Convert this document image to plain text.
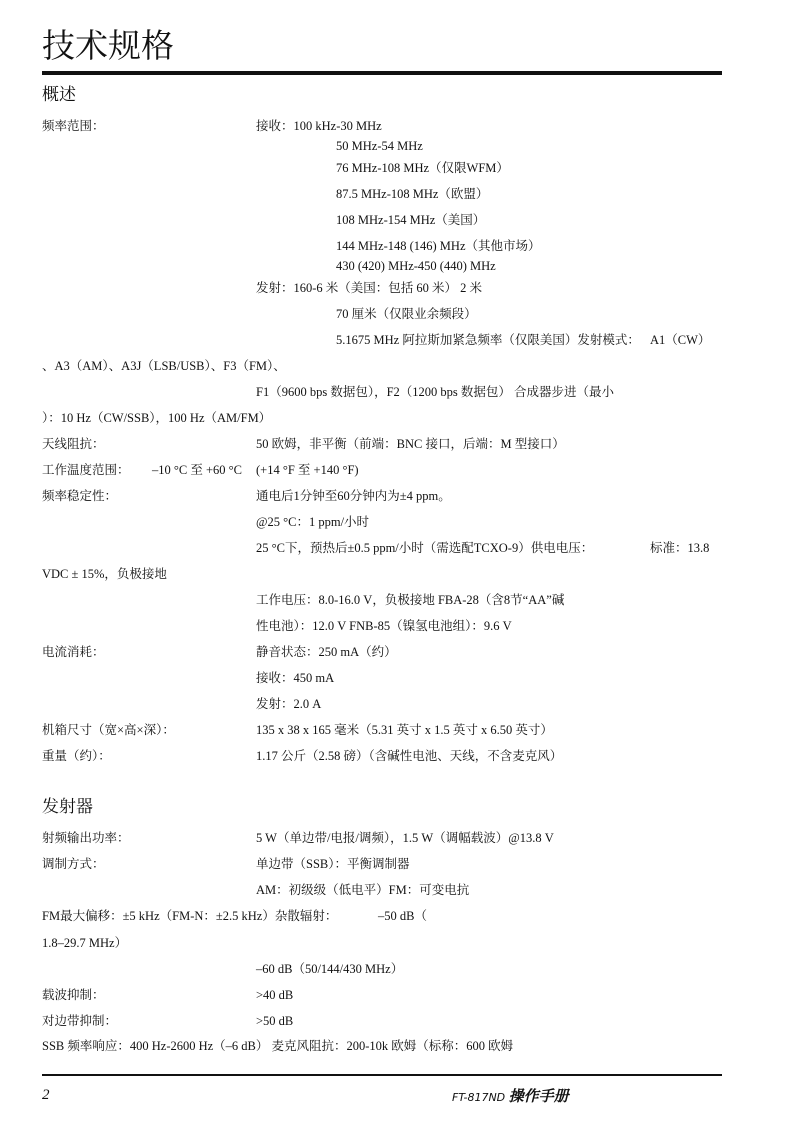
技术规格
概述
频率范围：	接收：100 kHz-30 MHz
50 MHz-54 MHz
76 MHz-108 MHz（仅限WFM）
87.5 MHz-108 MHz（欧盟）
108 MHz-154 MHz（美国）
144 MHz-148 (146) MHz（其他市场）
430 (420) MHz-450 (440) MHz
发射：160-6 米（美国：包括 60 米） 2 米
70 厘米（仅限业余频段）
5.1675 MHz 阿拉斯加紧急频率（仅限美国）发射模式： A1（CW）
、A3（AM）、A3J（LSB/USB）、F3（FM）、
F1（9600 bps 数据包），F2（1200 bps 数据包） 合成器步进（最小
）：10 Hz（CW/SSB），100 Hz（AM/FM）
天线阻抗：	50 欧姆，非平衡（前端：BNC 接口，后端：M 型接口）
工作温度范围： –10 °C 至 +60 °C (+14 °F 至 +140 °F)
频率稳定性：	通电后1分钟至60分钟内为±4 ppm。
@25 °C：1 ppm/小时
25 °C下，预热后±0.5 ppm/小时（需选配TCXO-9）供电电压：	标准：13.8
VDC ± 15%，负极接地
工作电压：8.0-16.0 V，负极接地 FBA-28（含8节“AA”碱
性电池）：12.0 V FNB-85（镍氢电池组）：9.6 V
电流消耗：	静音状态：250 mA（约）
接收：450 mA
发射：2.0 A
机箱尺寸（宽×高×深）：	135 x 38 x 165 毫米（5.31 英寸 x 1.5 英寸 x 6.50 英寸）
重量（约）：	1.17 公斤（2.58 磅）（含碱性电池、天线，不含麦克风）
发射器
射频输出功率：	5 W（单边带/电报/调频），1.5 W（调幅载波）@13.8 V
调制方式：	单边带（SSB）：平衡调制器
AM：初级级（低电平）FM：可变电抗
FM最大偏移：±5 kHz（FM-N：±2.5 kHz）杂散辐射：	–50 dB（
1.8–29.7 MHz）
–60 dB（50/144/430 MHz）
载波抑制：	>40 dB
对边带抑制：	>50 dB
SSB 频率响应：400 Hz-2600 Hz（–6 dB） 麦克风阻抗：200-10k 欧姆（标称：600 欧姆
2	FT-817ND 操作手册
